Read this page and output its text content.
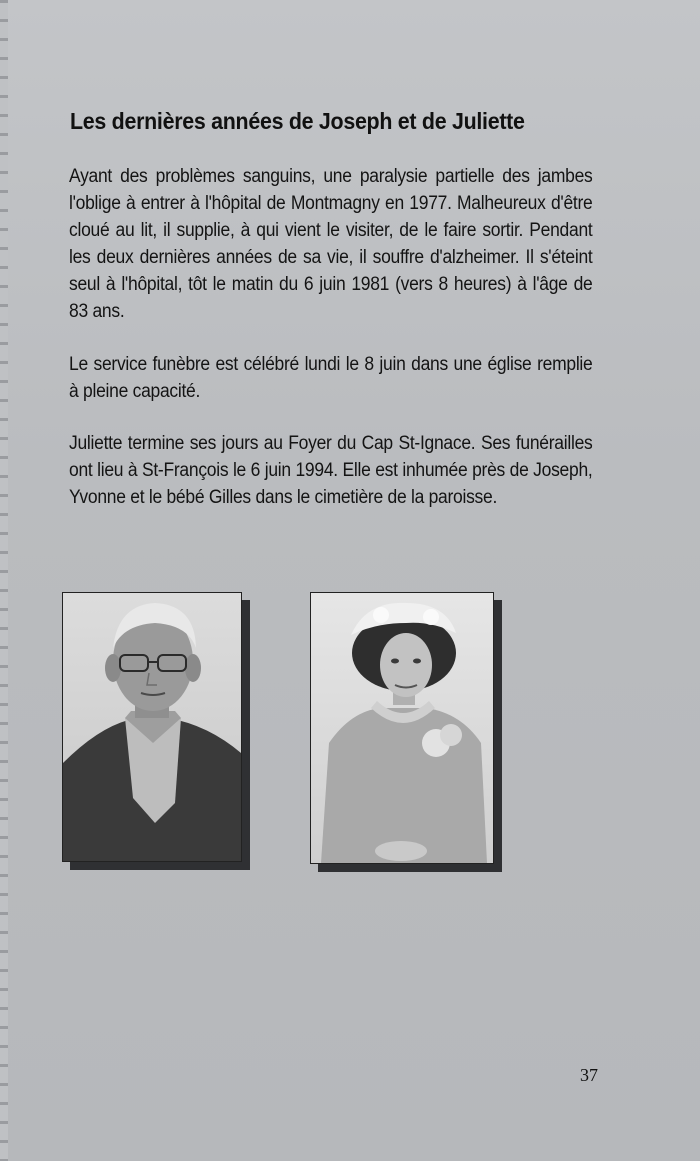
Les dernières années de Joseph et de Juliette

Ayant des problèmes sanguins, une paralysie partielle des jambes l'oblige à entrer à l'hôpital de Montmagny en 1977. Malheureux d'être cloué au lit, il supplie, à qui vient le visiter, de le faire sortir. Pendant les deux dernières années de sa vie, il souffre d'alzheimer. Il s'éteint seul à l'hôpital, tôt le matin du 6 juin 1981 (vers 8 heures) à l'âge de 83 ans.

Le service funèbre est célébré lundi le 8 juin dans une église remplie à pleine capacité.

Juliette termine ses jours au Foyer du Cap St-Ignace. Ses funérailles ont lieu à St-François le 6 juin 1994. Elle est inhumée près de Joseph, Yvonne et le bébé Gilles dans le cimetière de la paroisse.

37
